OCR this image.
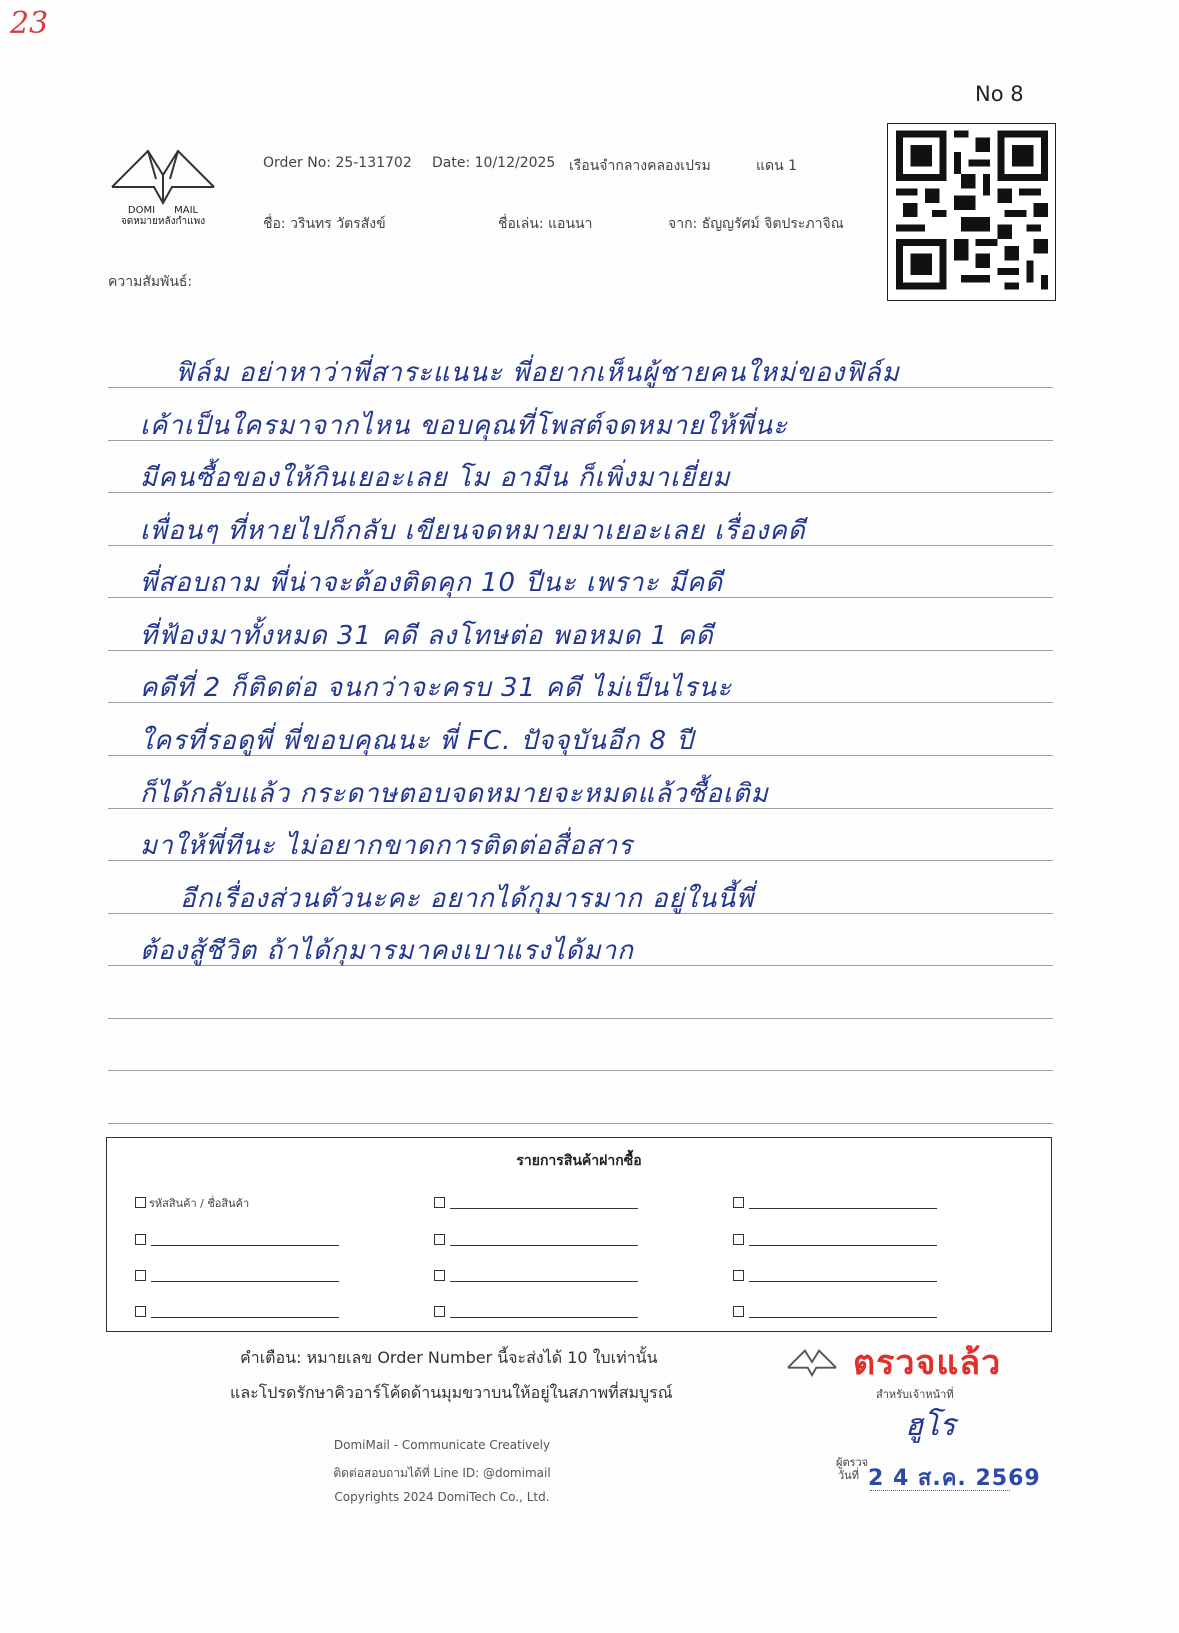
23
No 8
DOMI MAIL
จดหมายหลังกำแพง
Order No: 25-131702 Date: 10/12/2025 เรือนจำกลางคลองเปรม	แดน 1
ชื่อ: วรินทร วัตรสังข์	ชื่อเล่น: แอนนา	จาก: ธัญญรัศม์ จิตประภาจิณ
ความสัมพันธ์:
ฟิล์ม อย่าหาว่าพี่สาระแนนะ พี่อยากเห็นผู้ชายคนใหม่ของฟิล์ม
เค้าเป็นใครมาจากไหน ขอบคุณที่โพสต์จดหมายให้พี่นะ
มีคนซื้อของให้กินเยอะเลย โม อามีน ก็เพิ่งมาเยี่ยม
เพื่อนๆ ที่หายไปก็กลับ เขียนจดหมายมาเยอะเลย เรื่องคดี
พี่สอบถาม พี่น่าจะต้องติดคุก 10 ปีนะ เพราะ มีคดี
ที่ฟ้องมาทั้งหมด 31 คดี ลงโทษต่อ พอหมด 1 คดี
คดีที่ 2 ก็ติดต่อ จนกว่าจะครบ 31 คดี ไม่เป็นไรนะ
ใครที่รอดูพี่ พี่ขอบคุณนะ พี่ FC. ปัจจุบันอีก 8 ปี
ก็ได้กลับแล้ว กระดาษตอบจดหมายจะหมดแล้วซื้อเติม
มาให้พี่ทีนะ ไม่อยากขาดการติดต่อสื่อสาร
อีกเรื่องส่วนตัวนะคะ อยากได้กุมารมาก อยู่ในนี้พี่
ต้องสู้ชีวิต ถ้าได้กุมารมาคงเบาแรงได้มาก
รายการสินค้าฝากซื้อ
รหัสสินค้า / ชื่อสินค้า
คำเตือน: หมายเลข Order Number นี้จะส่งได้ 10 ใบเท่านั้น
และโปรดรักษาคิวอาร์โค้ดด้านมุมขวาบนให้อยู่ในสภาพที่สมบูรณ์
DomiMail - Communicate Creatively
ติดต่อสอบถามได้ที่ Line ID: @domimail
Copyrights 2024 DomiTech Co., Ltd.
ตรวจแล้ว
สำหรับเจ้าหน้าที่
ฮูโร
ผู้ตรวจ
วันที่ 2 4 ส.ค. 2569
